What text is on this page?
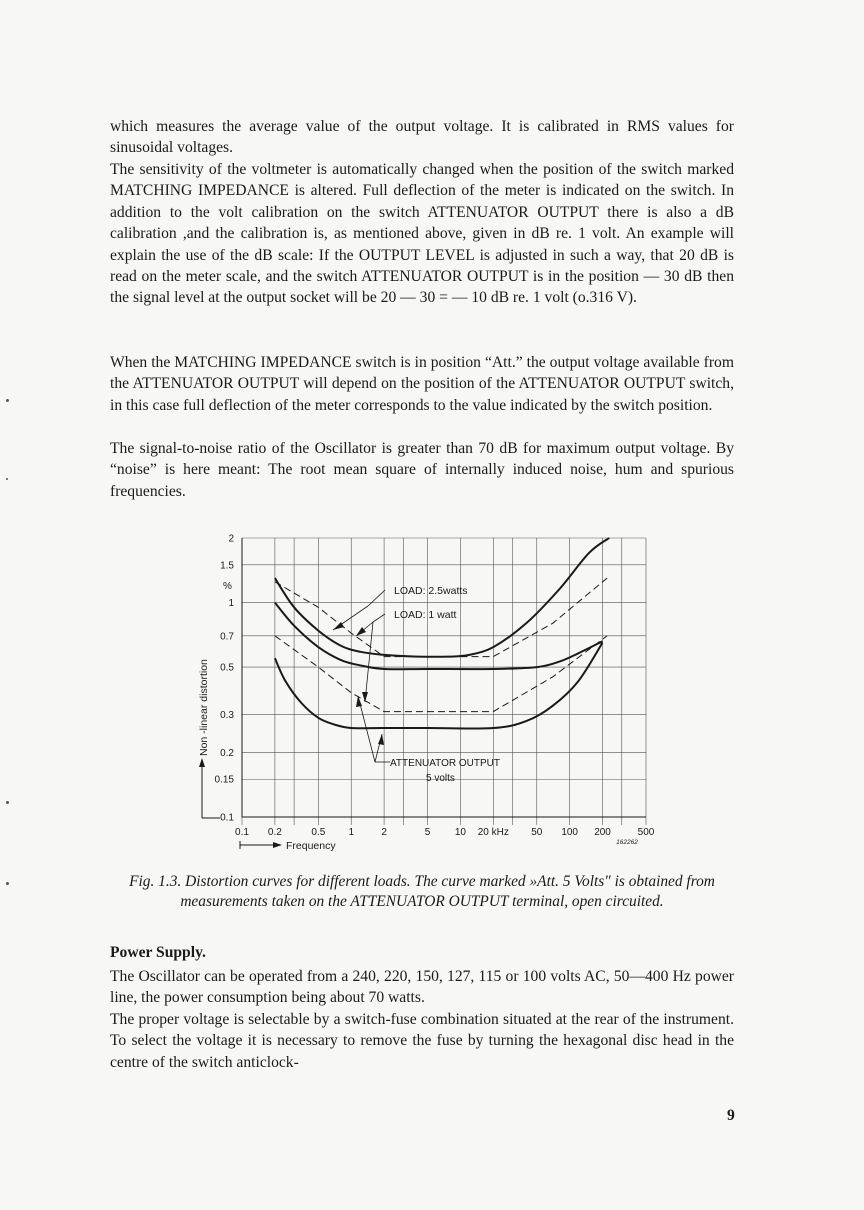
which measures the average value of the output voltage. It is calibrated in RMS values for sinusoidal voltages.
The sensitivity of the voltmeter is automatically changed when the position of the switch marked MATCHING IMPEDANCE is altered. Full deflection of the meter is indicated on the switch. In addition to the volt calibration on the switch ATTENUATOR OUTPUT there is also a dB calibration ,and the calibration is, as mentioned above, given in dB re. 1 volt. An example will explain the use of the dB scale: If the OUTPUT LEVEL is adjusted in such a way, that 20 dB is read on the meter scale, and the switch ATTENUATOR OUTPUT is in the position — 30 dB then the signal level at the output socket will be 20 — 30 = — 10 dB re. 1 volt (o.316 V).
When the MATCHING IMPEDANCE switch is in position “Att.” the output voltage available from the ATTENUATOR OUTPUT will depend on the position of the ATTENUATOR OUTPUT switch, in this case full deflection of the meter corresponds to the value indicated by the switch position.
The signal-to-noise ratio of the Oscillator is greater than 70 dB for maximum output voltage. By “noise” is here meant: The root mean square of internally induced noise, hum and spurious frequencies.
LOAD: 2.5watts
LOAD: 1 watt
ATTENUATOR OUTPUT
5 volts
%
Non -linear distortion
Frequency	162262
2
1.5
1
0.7
0.5
0.3
0.2
0.15
0.1
0.1 0.2	0.5 1	2	5 10 20 kHz 50 100 200	500
Fig. 1.3. Distortion curves for different loads. The curve marked »Att. 5 Volts" is obtained from measurements taken on the ATTENUATOR OUTPUT terminal, open circuited.
Power Supply.
The Oscillator can be operated from a 240, 220, 150, 127, 115 or 100 volts AC, 50—400 Hz power line, the power consumption being about 70 watts.
The proper voltage is selectable by a switch-fuse combination situated at the rear of the instrument. To select the voltage it is necessary to remove the fuse by turning the hexagonal disc head in the centre of the switch anticlock-
9
